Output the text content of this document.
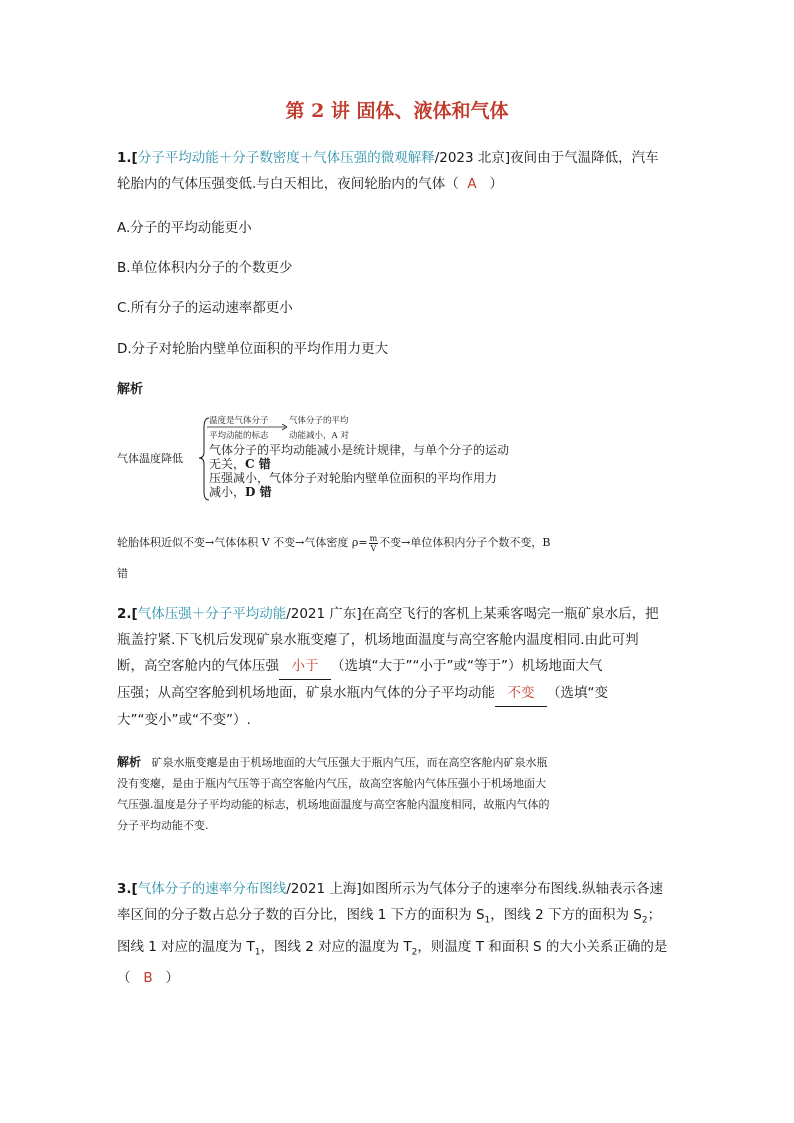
第 2 讲 固体、液体和气体
1.[分子平均动能＋分子数密度＋气体压强的微观解释/2023 北京]夜间由于气温降低，汽车
轮胎内的气体压强变低.与白天相比，夜间轮胎内的气体（ A ）
A.分子的平均动能更小
B.单位体积内分子的个数更少
C.所有分子的运动速率都更小
D.分子对轮胎内壁单位面积的平均作用力更大
解析
气体温度降低
温度是气体分子
平均动能的标志
气体分子的平均
动能减小，A 对
气体分子的平均动能减小是统计规律，与单个分子的运动
无关，C 错
压强减小，气体分子对轮胎内壁单位面积的平均作用力
减小，D 错
轮胎体积近似不变→气体体积 V 不变→气体密度 $\rho= \frac{m}{V}$ 不变→单位体积内分子个数不变，B
错
2.[气体压强＋分子平均动能/2021 广东]在高空飞行的客机上某乘客喝完一瓶矿泉水后，把
瓶盖拧紧.下飞机后发现矿泉水瓶变瘪了，机场地面温度与高空客舱内温度相同.由此可判
断，高空客舱内的气体压强 小于 （选填“大于”“小于”或“等于”）机场地面大气
压强；从高空客舱到机场地面，矿泉水瓶内气体的分子平均动能 不变 （选填“变
大”“变小”或“不变”）.
解析 矿泉水瓶变瘪是由于机场地面的大气压强大于瓶内气压，而在高空客舱内矿泉水瓶
没有变瘪，是由于瓶内气压等于高空客舱内气压，故高空客舱内气体压强小于机场地面大
气压强.温度是分子平均动能的标志，机场地面温度与高空客舱内温度相同，故瓶内气体的
分子平均动能不变.
3.[气体分子的速率分布图线/2021 上海]如图所示为气体分子的速率分布图线.纵轴表示各速
率区间的分子数占总分子数的百分比，图线 1 下方的面积为 $S_1$，图线 2 下方的面积为 $S_2$；
图线 1 对应的温度为 $T_1$，图线 2 对应的温度为 $T_2$，则温度 T 和面积 S 的大小关系正确的是
（ B ）
